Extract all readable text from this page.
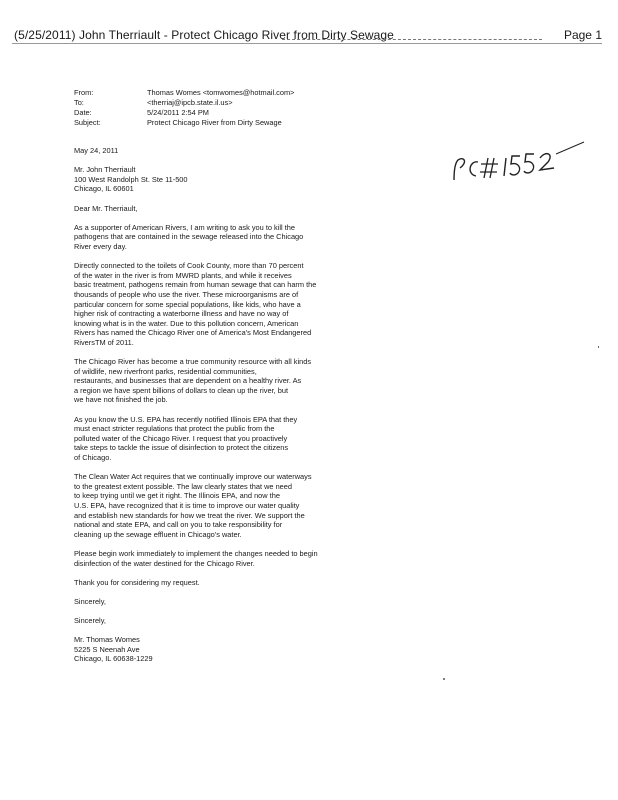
(5/25/2011) John Therriault - Protect Chicago River from Dirty Sewage	Page 1
From:	Thomas Womes <tomwomes@hotmail.com>
To:	<therriaj@ipcb.state.il.us>
Date:	5/24/2011 2:54 PM
Subject:	Protect Chicago River from Dirty Sewage

May 24, 2011

Mr. John Therriault
100 West Randolph St. Ste 11-500
Chicago, IL 60601

Dear Mr. Therriault,

As a supporter of American Rivers, I am writing to ask you to kill the
pathogens that are contained in the sewage released into the Chicago
River every day.

Directly connected to the toilets of Cook County, more than 70 percent
of the water in the river is from MWRD plants, and while it receives
basic treatment, pathogens remain from human sewage that can harm the
thousands of people who use the river. These microorganisms are of
particular concern for some special populations, like kids, who have a
higher risk of contracting a waterborne illness and have no way of
knowing what is in the water. Due to this pollution concern, American
Rivers has named the Chicago River one of America's Most Endangered
RiversTM of 2011.

The Chicago River has become a true community resource with all kinds
of wildlife, new riverfront parks, residential communities,
restaurants, and businesses that are dependent on a healthy river. As
a region we have spent billions of dollars to clean up the river, but
we have not finished the job.

As you know the U.S. EPA has recently notified Illinois EPA that they
must enact stricter regulations that protect the public from the
polluted water of the Chicago River. I request that you proactively
take steps to tackle the issue of disinfection to protect the citizens
of Chicago.

The Clean Water Act requires that we continually improve our waterways
to the greatest extent possible. The law clearly states that we need
to keep trying until we get it right. The Illinois EPA, and now the
U.S. EPA, have recognized that it is time to improve our water quality
and establish new standards for how we treat the river. We support the
national and state EPA, and call on you to take responsibility for
cleaning up the sewage effluent in Chicago's water.

Please begin work immediately to implement the changes needed to begin
disinfection of the water destined for the Chicago River.

Thank you for considering my request.

Sincerely,

Sincerely,

Mr. Thomas Womes
5225 S Neenah Ave
Chicago, IL 60638-1229
